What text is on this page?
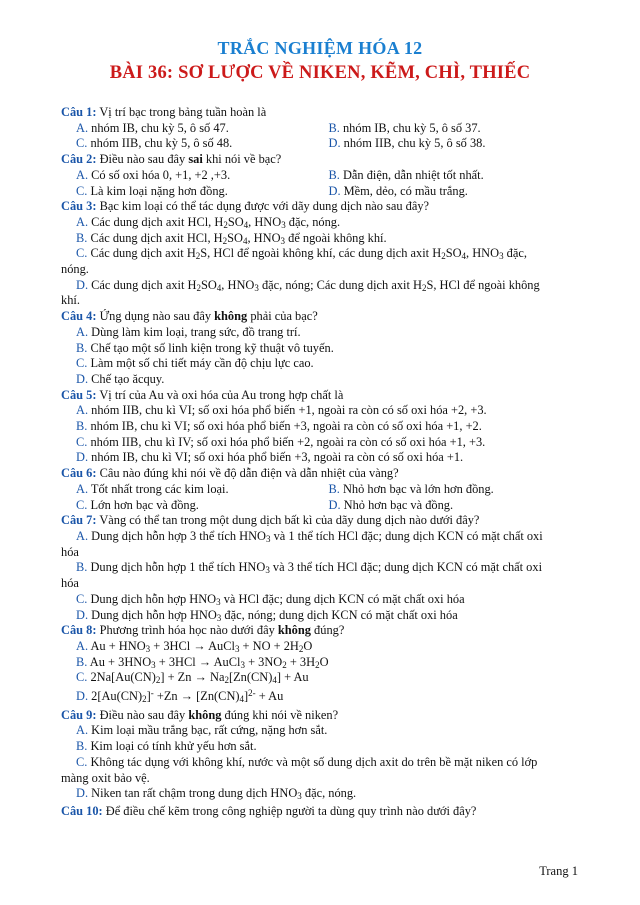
TRẮC NGHIỆM HÓA 12
BÀI 36: SƠ LƯỢC VỀ NIKEN, KẼM, CHÌ, THIẾC
Câu 1: Vị trí bạc trong bảng tuần hoàn là
A. nhóm IB, chu kỳ 5, ô số 47.	B. nhóm IB, chu kỳ 5, ô số 37.
C. nhóm IIB, chu kỳ 5, ô số 48.	D. nhóm IIB, chu kỳ 5, ô số 38.
Câu 2: Điều nào sau đây sai khi nói về bạc?
A. Có số oxi hóa 0, +1, +2 ,+3.	B. Dẫn điện, dẫn nhiệt tốt nhất.
C. Là kim loại nặng hơn đồng.	D. Mềm, dẻo, có mầu trắng.
Câu 3: Bạc kim loại có thể tác dụng được với dãy dung dịch nào sau đây?
A. Các dung dịch axit HCl, $H_2SO_4$, $HNO_3$ đặc, nóng.
B. Các dung dịch axit HCl, $H_2SO_4$, $HNO_3$ để ngoài không khí.
C. Các dung dịch axit $H_2S$, HCl để ngoài không khí, các dung dịch axit $H_2SO_4$, $HNO_3$ đặc,
nóng.
D. Các dung dịch axit $H_2SO_4$, $HNO_3$ đặc, nóng; Các dung dịch axit $H_2S$, HCl để ngoài không
khí.
Câu 4: Ứng dụng nào sau đây không phải của bạc?
A. Dùng làm kim loại, trang sức, đồ trang trí.
B. Chế tạo một số linh kiện trong kỹ thuật vô tuyến.
C. Làm một số chi tiết máy cần độ chịu lực cao.
D. Chế tạo ăcquy.
Câu 5: Vị trí của Au và oxi hóa của Au trong hợp chất là
A. nhóm IIB, chu kì VI; số oxi hóa phổ biến +1, ngoài ra còn có số oxi hóa +2, +3.
B. nhóm IB, chu kì VI; số oxi hóa phổ biến +3, ngoài ra còn có số oxi hóa +1, +2.
C. nhóm IIB, chu kì IV; số oxi hóa phổ biến +2, ngoài ra còn có số oxi hóa +1, +3.
D. nhóm IB, chu kì VI; số oxi hóa phổ biến +3, ngoài ra còn có số oxi hóa +1.
Câu 6: Câu nào đúng khi nói về độ dẫn điện và dẫn nhiệt của vàng?
A. Tốt nhất trong các kim loại.	B. Nhỏ hơn bạc và lớn hơn đồng.
C. Lớn hơn bạc và đồng.	D. Nhỏ hơn bạc và đồng.
Câu 7: Vàng có thể tan trong một dung dịch bất kì của dãy dung dịch nào dưới đây?
A. Dung dịch hỗn hợp 3 thể tích $HNO_3$ và 1 thể tích HCl đặc; dung dịch KCN có mặt chất oxi
hóa
B. Dung dịch hỗn hợp 1 thể tích $HNO_3$ và 3 thể tích HCl đặc; dung dịch KCN có mặt chất oxi
hóa
C. Dung dịch hỗn hợp $HNO_3$ và HCl đặc; dung dịch KCN có mặt chất oxi hóa
D. Dung dịch hỗn hợp $HNO_3$ đặc, nóng; dung dịch KCN có mặt chất oxi hóa
Câu 8: Phương trình hóa học nào dưới đây không đúng?
A. $Au + HNO_3 + 3HCl$ → AuCl$_3$ + NO + $2H_2O$
B. $Au + 3HNO_3 + 3HCl$ → AuCl$_3$ + $3NO_2 + 3H_2O$
C. $2Na[Au(CN)_2] + Zn \to Na_2[Zn(CN)_4] + Au$
D. $2[Au(CN)_2]^- +Zn \to [Zn(CN)_4]^{2-} + Au$
Câu 9: Điều nào sau đây không đúng khi nói về niken?
A. Kim loại mầu trắng bạc, rất cứng, nặng hơn sắt.
B. Kim loại có tính khử yếu hơn sắt.
C. Không tác dụng với không khí, nước và một số dung dịch axit do trên bề mặt niken có lớp
màng oxit bảo vệ.
D. Niken tan rất chậm trong dung dịch $HNO_3$ đặc, nóng.
Câu 10: Để điều chế kẽm trong công nghiệp người ta dùng quy trình nào dưới đây?
Trang 1
